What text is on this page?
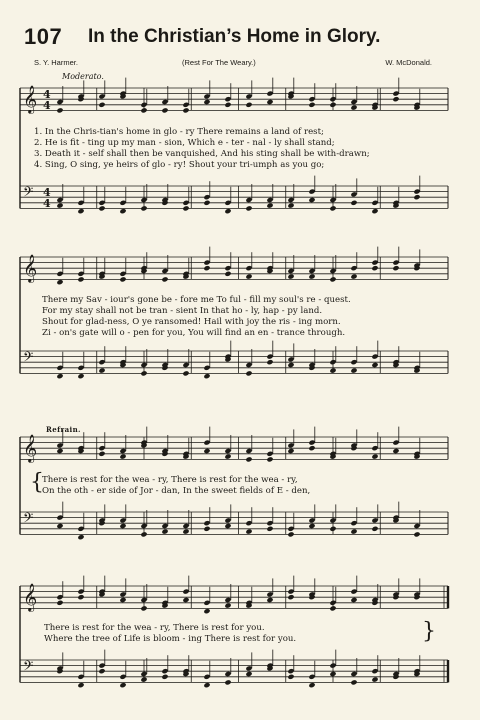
107 In the Christian’s Home in Glory.
S. Y. Harmer.	(Rest For The Weary.)	W. McDonald.
Moderato.
Refrain.
𝄞 4
4
𝄢 4
4
𝄞
𝄢
𝄞
𝄢
𝄞
𝄢
1. In the Chris-tian's home in glo - ry There remains a land of rest;
2. He is fit - ting up my man - sion, Which e - ter - nal - ly shall stand;
3. Death it - self shall then be vanquished, And his sting shall be with-drawn;
4. Sing, O sing, ye heirs of glo - ry! Shout your tri-umph as you go;
There my Sav - iour's gone be - fore me To ful - fill my soul's re - quest.
For my stay shall not be tran - sient In that ho - ly, hap - py land.
Shout for glad-ness, O ye ransomed! Hail with joy the ris - ing morn.
Zi - on's gate will o - pen for you, You will find an en - trance through.
{
There is rest for the wea - ry, There is rest for the wea - ry,
On the oth - er side of Jor - dan, In the sweet fields of E - den,
There is rest for the wea - ry, There is rest for you.
Where the tree of Life is bloom - ing There is rest for you.	}
